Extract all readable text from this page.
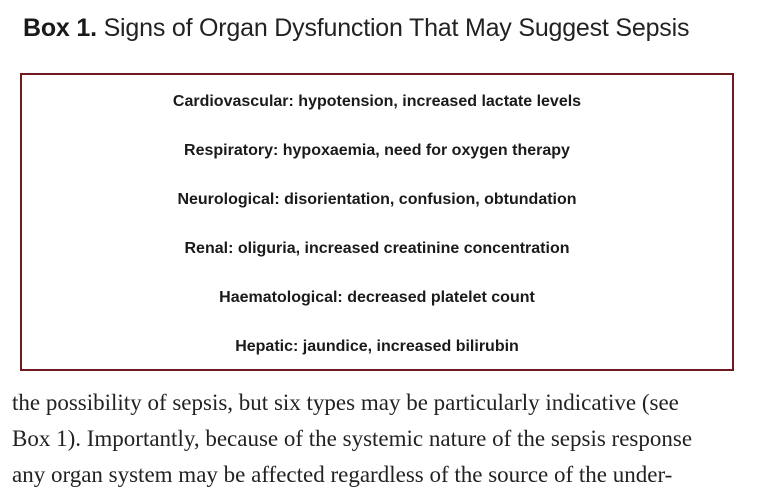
Box 1. Signs of Organ Dysfunction That May Suggest Sepsis
Cardiovascular: hypotension, increased lactate levels
Respiratory: hypoxaemia, need for oxygen therapy
Neurological: disorientation, confusion, obtundation
Renal: oliguria, increased creatinine concentration
Haematological: decreased platelet count
Hepatic: jaundice, increased bilirubin
the possibility of sepsis, but six types may be particularly indicative (see
Box 1). Importantly, because of the systemic nature of the sepsis response
any organ system may be affected regardless of the source of the under-
